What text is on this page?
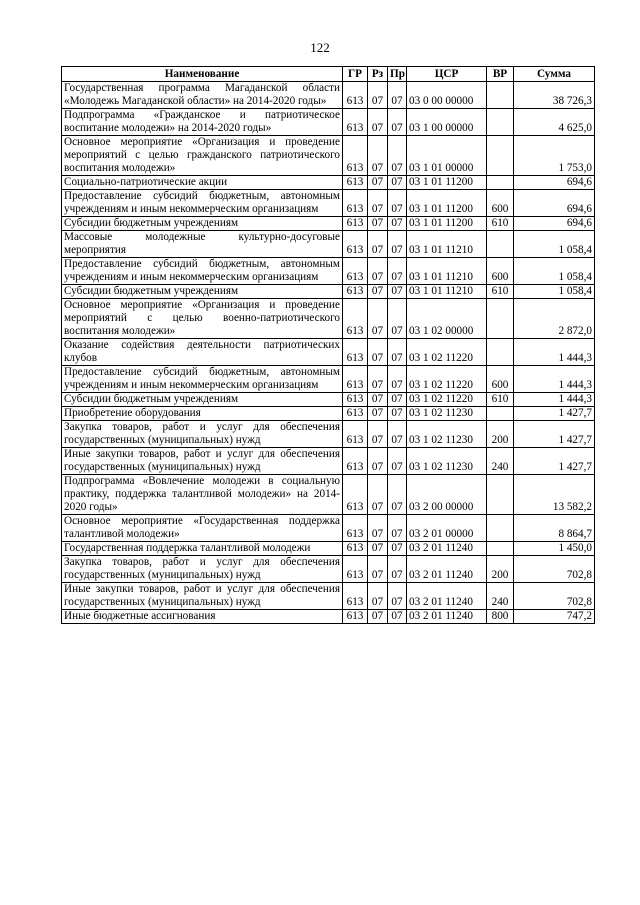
122
Наименование	ГР	Рз	Пр	ЦСР	ВР	Сумма
Государственная программа Магаданской области «Молодежь Магаданской области» на 2014-2020 годы»	613	07	07	03 0 00 00000		38 726,3
Подпрограмма «Гражданское и патриотическое воспитание молодежи» на 2014-2020 годы»	613	07	07	03 1 00 00000		4 625,0
Основное мероприятие «Организация и проведение мероприятий с целью гражданского патриотического воспитания молодежи»	613	07	07	03 1 01 00000		1 753,0
Социально-патриотические акции	613	07	07	03 1 01 11200		694,6
Предоставление субсидий бюджетным, автономным учреждениям и иным некоммерческим организациям	613	07	07	03 1 01 11200	600	694,6
Субсидии бюджетным учреждениям	613	07	07	03 1 01 11200	610	694,6
Массовые молодежные культурно-досуговые мероприятия	613	07	07	03 1 01 11210		1 058,4
Предоставление субсидий бюджетным, автономным учреждениям и иным некоммерческим организациям	613	07	07	03 1 01 11210	600	1 058,4
Субсидии бюджетным учреждениям	613	07	07	03 1 01 11210	610	1 058,4
Основное мероприятие «Организация и проведение мероприятий с целью военно-патриотического воспитания молодежи»	613	07	07	03 1 02 00000		2 872,0
Оказание содействия деятельности патриотических клубов	613	07	07	03 1 02 11220		1 444,3
Предоставление субсидий бюджетным, автономным учреждениям и иным некоммерческим организациям	613	07	07	03 1 02 11220	600	1 444,3
Субсидии бюджетным учреждениям	613	07	07	03 1 02 11220	610	1 444,3
Приобретение оборудования	613	07	07	03 1 02 11230		1 427,7
Закупка товаров, работ и услуг для обеспечения государственных (муниципальных) нужд	613	07	07	03 1 02 11230	200	1 427,7
Иные закупки товаров, работ и услуг для обеспечения государственных (муниципальных) нужд	613	07	07	03 1 02 11230	240	1 427,7
Подпрограмма «Вовлечение молодежи в социальную практику, поддержка талантливой молодежи» на 2014-2020 годы»	613	07	07	03 2 00 00000		13 582,2
Основное мероприятие «Государственная поддержка талантливой молодежи»	613	07	07	03 2 01 00000		8 864,7
Государственная поддержка талантливой молодежи	613	07	07	03 2 01 11240		1 450,0
Закупка товаров, работ и услуг для обеспечения государственных (муниципальных) нужд	613	07	07	03 2 01 11240	200	702,8
Иные закупки товаров, работ и услуг для обеспечения государственных (муниципальных) нужд	613	07	07	03 2 01 11240	240	702,8
Иные бюджетные ассигнования	613	07	07	03 2 01 11240	800	747,2
